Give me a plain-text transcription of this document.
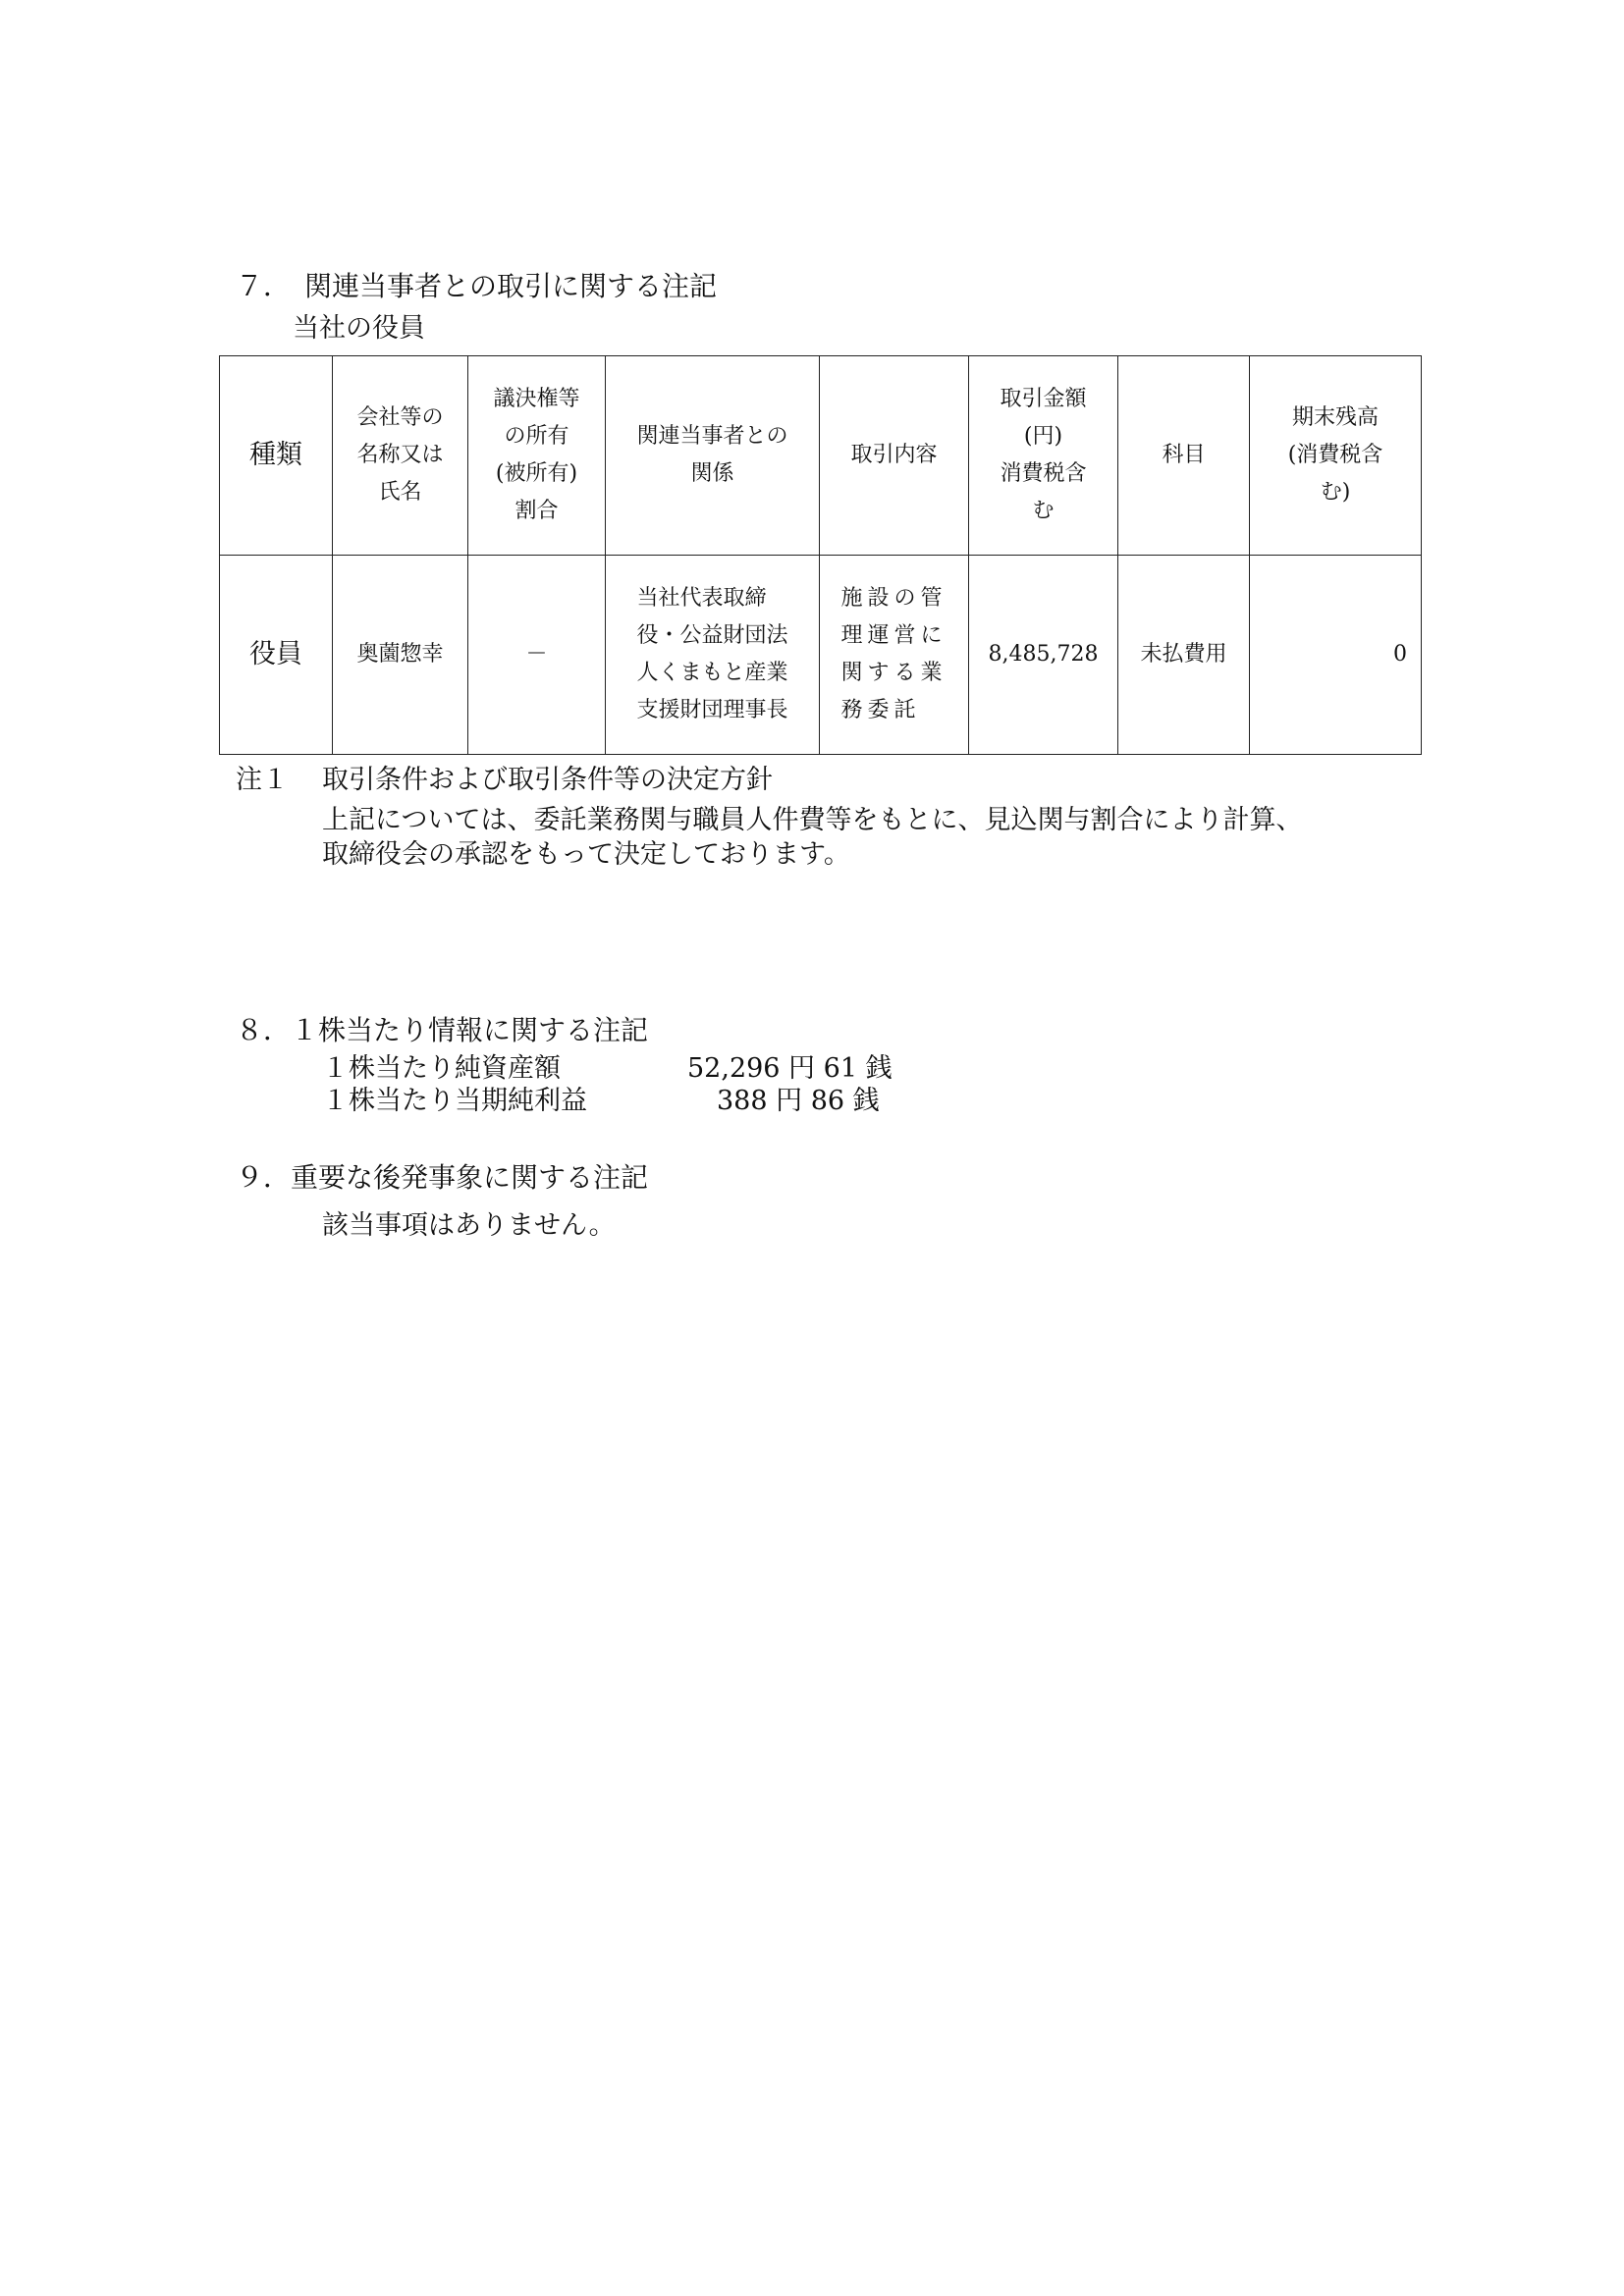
７．　関連当事者との取引に関する注記
当社の役員
種類	会社等の
名称又は
氏名	議決権等
の所有
(被所有)
割合	関連当事者との
関係	取引内容	取引金額
(円)
消費税含
む	科目	期末残高
(消費税含
む)
役員	奥薗惣幸	－	当社代表取締
役・公益財団法
人くまもと産業
支援財団理事長	施設の管
理運営に
関する業
務委託	8,485,728	未払費用	0
注１ 取引条件および取引条件等の決定方針
上記については、委託業務関与職員人件費等をもとに、見込関与割合により計算、
取締役会の承認をもって決定しております。
８．１株当たり情報に関する注記
１株当たり純資産額	52,296 円 61 銭
１株当たり当期純利益	388 円 86 銭
９．重要な後発事象に関する注記
該当事項はありません。
